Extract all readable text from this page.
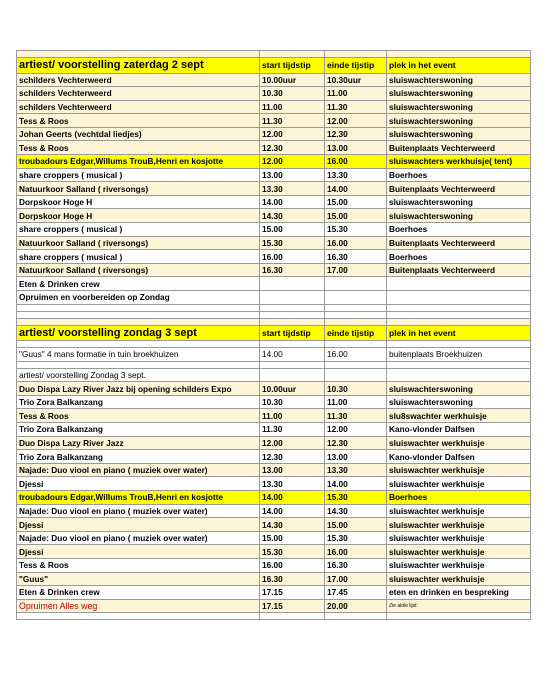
artiest/ voorstelling zaterdag 2 sept	start tijdstip	einde tijstip	plek in het event
schilders Vechterweerd	10.00uur	10.30uur	sluiswachterswoning
schilders Vechterweerd	10.30	11.00	sluiswachterswoning
schilders Vechterweerd	11.00	11.30	sluiswachterswoning
Tess & Roos	11.30	12.00	sluiswachterswoning
Johan Geerts (vechtdal liedjes)	12.00	12.30	sluiswachterswoning
Tess & Roos	12.30	13.00	Buitenplaats Vechterweerd
troubadours Edgar,Willums TrouB,Henri en kosjotte	12.00	16.00	sluiswachters werkhuisje( tent)
share croppers ( musical )	13.00	13.30	Boerhoes
Natuurkoor Salland ( riversongs)	13.30	14.00	Buitenplaats Vechterweerd
Dorpskoor Hoge H	14.00	15.00	sluiswachterswoning
Dorpskoor Hoge H	14.30	15.00	sluiswachterswoning
share croppers ( musical )	15.00	15.30	Boerhoes
Natuurkoor Salland ( riversongs)	15.30	16.00	Buitenplaats Vechterweerd
share croppers ( musical )	16.00	16.30	Boerhoes
Natuurkoor Salland ( riversongs)	16.30	17.00	Buitenplaats Vechterweerd
Eten & Drinken crew			
Opruimen en voorbereiden op Zondag			

artiest/ voorstelling zondag 3 sept	start tijdstip	einde tijstip	plek in het event

"Guus" 4 mans formatie in tuin broekhuizen	14.00	16.00	buitenplaats Broekhuizen

artiest/ voorstelling Zondag 3 sept.			
Duo Dispa Lazy River Jazz bij opening schilders Expo	10.00uur	10.30	sluiswachterswoning
Trio Zora Balkanzang	10.30	11.00	sluiswachterswoning
Tess & Roos	11.00	11.30	slu8swachter werkhuisje
Trio Zora Balkanzang	11.30	12.00	Kano-vlonder Dalfsen
Duo Dispa Lazy River Jazz	12.00	12.30	sluiswachter werkhuisje
Trio Zora Balkanzang	12.30	13.00	Kano-vlonder Dalfsen
Najade: Duo viool en piano ( muziek over water)	13.00	13.30	sluiswachter werkhuisje
Djessi	13.30	14.00	sluiswachter werkhuisje
troubadours Edgar,Willums TrouB,Henri en kosjotte	14.00	15.30	Boerhoes
Najade: Duo viool en piano ( muziek over water)	14.00	14.30	sluiswachter werkhuisje
Djessi	14.30	15.00	sluiswachter werkhuisje
Najade: Duo viool en piano ( muziek over water)	15.00	15.30	sluiswachter werkhuisje
Djessi	15.30	16.00	sluiswachter werkhuisje
Tess & Roos	16.00	16.30	sluiswachter werkhuisje
"Guus"	16.30	17.00	sluiswachter werkhuisje
Eten & Drinken crew	17.15	17.45	eten en drinken en bespreking
Opruimen Alles weg	17.15	20.00	Zie aktie lijst:
